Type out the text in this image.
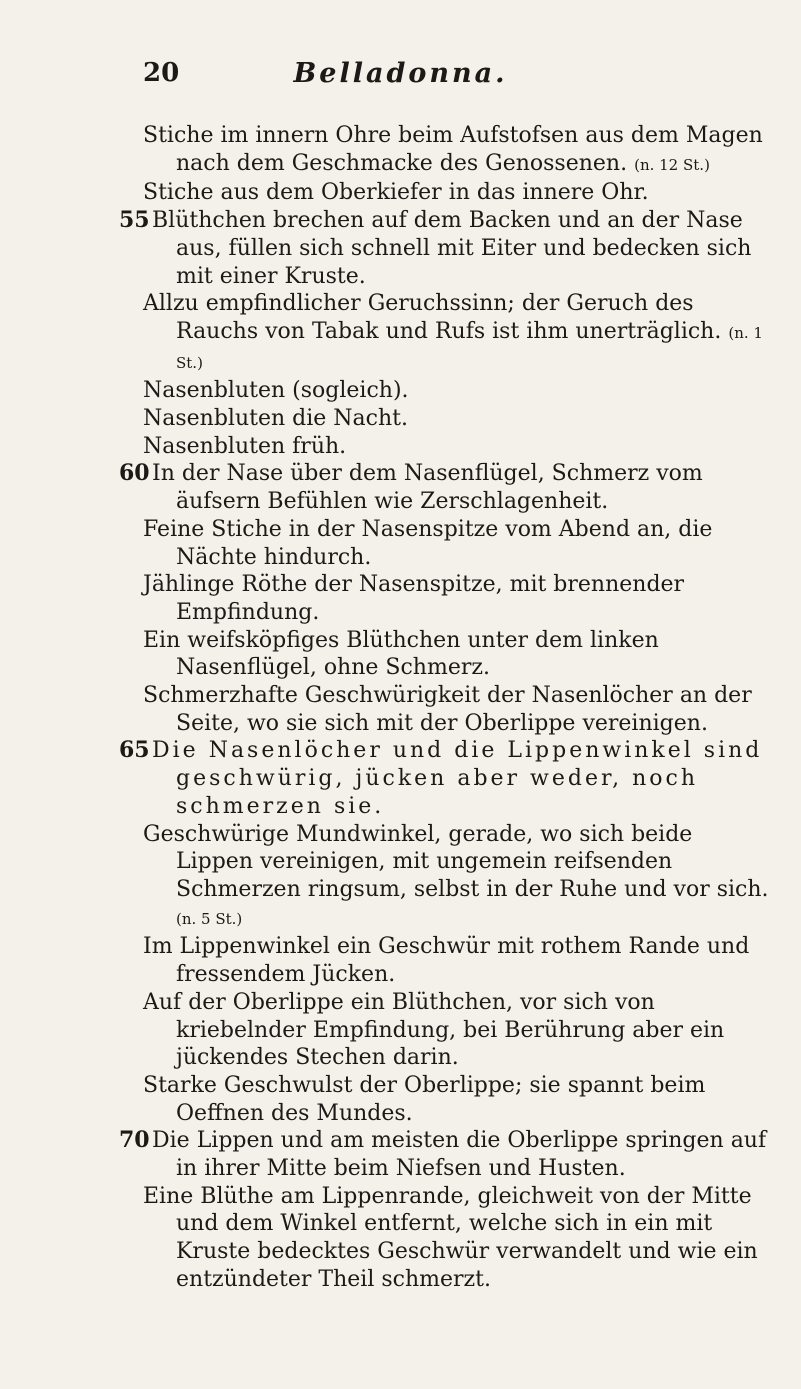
Belladonna.
20

Stiche im innern Ohre beim Aufstofsen aus dem Magen nach dem Geschmacke des Genossenen. (n. 12 St.)

Stiche aus dem Oberkiefer in das innere Ohr.

55 Blüthchen brechen auf dem Backen und an der Nase aus, füllen sich schnell mit Eiter und bedecken sich mit einer Kruste.

Allzu empfindlicher Geruchssinn; der Geruch des Rauchs von Tabak und Rufs ist ihm unerträglich. (n. 1 St.)

Nasenbluten (sogleich).

Nasenbluten die Nacht.

Nasenbluten früh.

60 In der Nase über dem Nasenflügel, Schmerz vom äufsern Befühlen wie Zerschlagenheit.

Feine Stiche in der Nasenspitze vom Abend an, die Nächte hindurch.

Jählinge Röthe der Nasenspitze, mit brennender Empfindung.

Ein weifsköpfiges Blüthchen unter dem linken Nasenflügel, ohne Schmerz.

Schmerzhafte Geschwürigkeit der Nasenlöcher an der Seite, wo sie sich mit der Oberlippe vereinigen.

65 Die Nasenlöcher und die Lippenwinkel sind geschwürig, jücken aber weder, noch schmerzen sie.

Geschwürige Mundwinkel, gerade, wo sich beide Lippen vereinigen, mit ungemein reifsenden Schmerzen ringsum, selbst in der Ruhe und vor sich. (n. 5 St.)

Im Lippenwinkel ein Geschwür mit rothem Rande und fressendem Jücken.

Auf der Oberlippe ein Blüthchen, vor sich von kriebelnder Empfindung, bei Berührung aber ein jückendes Stechen darin.

Starke Geschwulst der Oberlippe; sie spannt beim Oeffnen des Mundes.

70 Die Lippen und am meisten die Oberlippe springen auf in ihrer Mitte beim Niefsen und Husten.

Eine Blüthe am Lippenrande, gleichweit von der Mitte und dem Winkel entfernt, welche sich in ein mit Kruste bedecktes Geschwür verwandelt und wie ein entzündeter Theil schmerzt.
